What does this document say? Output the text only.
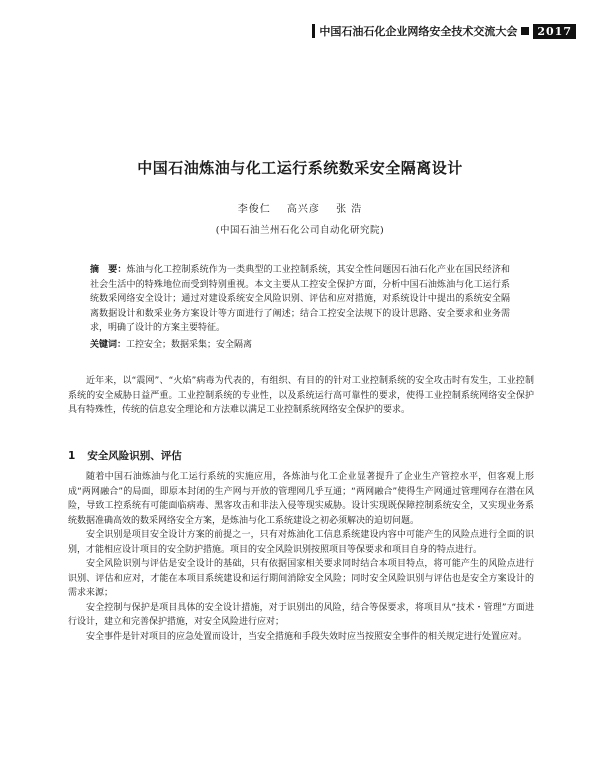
中国石油石化企业网络安全技术交流大会	2017
中国石油炼油与化工运行系统数采安全隔离设计
李俊仁 高兴彦 张 浩
(中国石油兰州石化公司自动化研究院)
摘　要：炼油与化工控制系统作为一类典型的工业控制系统，其安全性问题因石油石化产业在国民经济和社会生活中的特殊地位而受到特别重视。本文主要从工控安全保护方面，分析中国石油炼油与化工运行系统数采网络安全设计；通过对建设系统安全风险识别、评估和应对措施，对系统设计中提出的系统安全隔离数据设计和数采业务方案设计等方面进行了阐述；结合工控安全法规下的设计思路、安全要求和业务需求，明确了设计的方案主要特征。
关键词：工控安全；数据采集；安全隔离

近年来，以“震网”、“火焰”病毒为代表的，有组织、有目的的针对工业控制系统的安全攻击时有发生，工业控制系统的安全威胁日益严重。工业控制系统的专业性，以及系统运行高可靠性的要求，使得工业控制系统网络安全保护具有特殊性，传统的信息安全理论和方法难以满足工业控制系统网络安全保护的要求。

1 安全风险识别、评估

随着中国石油炼油与化工运行系统的实施应用，各炼油与化工企业显著提升了企业生产管控水平，但客观上形成“两网融合”的局面，即原本封闭的生产网与开放的管理网几乎互通；“两网融合”使得生产网通过管理网存在潜在风险，导致工控系统有可能面临病毒、黑客攻击和非法入侵等现实威胁。设计实现既保障控制系统安全，又实现业务系统数据准确高效的数采网络安全方案，是炼油与化工系统建设之初必须解决的迫切问题。

安全识别是项目安全设计方案的前提之一，只有对炼油化工信息系统建设内容中可能产生的风险点进行全面的识别，才能相应设计项目的安全防护措施。项目的安全风险识别按照项目等保要求和项目自身的特点进行。

安全风险识别与评估是安全设计的基础，只有依据国家相关要求同时结合本项目特点，将可能产生的风险点进行识别、评估和应对，才能在本项目系统建设和运行期间消除安全风险；同时安全风险识别与评估也是安全方案设计的需求来源；

安全控制与保护是项目具体的安全设计措施，对于识别出的风险，结合等保要求，将项目从“技术・管理”方面进行设计，建立和完善保护措施，对安全风险进行应对；

安全事件是针对项目的应急处置而设计，当安全措施和手段失效时应当按照安全事件的相关规定进行处置应对。
